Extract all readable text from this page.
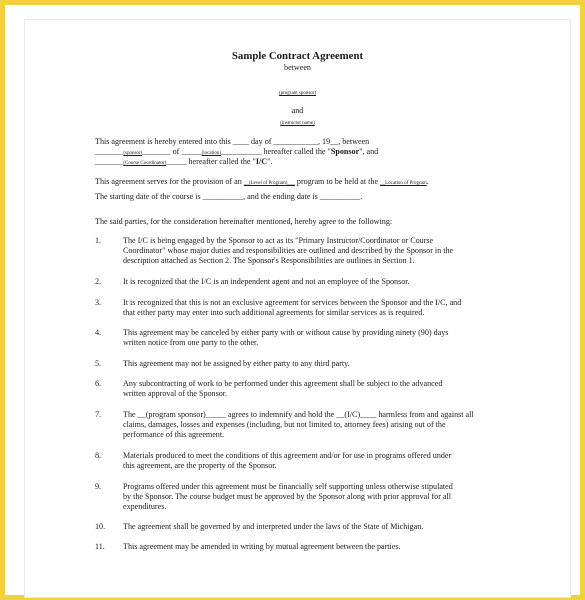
Sample Contract Agreement
between
(program sponsor)
and
(instructor name)
This agreement is hereby entered into this ____ day of ___________, 19__, between
_______(sponsor)_______ of _____(location)__________ hereafter called the "Sponsor", and
_______(Course Coordinator)_____ hereafter called the "I/C".
This agreement serves for the provision of an __(Level of Program)___ program to be held at the __Location of Program.
The starting date of the course is __________, and the ending date is __________.
The said parties, for the consideration hereinafter mentioned, hereby agree to the following:
1.	The I/C is being engaged by the Sponsor to act as its "Primary Instructor/Coordinator or Course
Coordinator" whose major duties and responsibilities are outlined and described by the Sponsor in the
description attached as Section 2. The Sponsor's Responsibilities are outlines in Section 1.
2.	It is recognized that the I/C is an independent agent and not an employee of the Sponsor.
3.	It is recognized that this is not an exclusive agreement for services between the Sponsor and the I/C, and
that either party may enter into such additional agreements for similar services as is required.
4.	This agreement may be canceled by either party with or without cause by providing ninety (90) days
written notice from one party to the other.
5.	This agreement may not be assigned by either party to any third party.
6.	Any subcontracting of work to be performed under this agreement shall be subject to the advanced
written approval of the Sponsor.
7.	The __(program sponsor)_____ agrees to indemnify and hold the __(I/C)____ harmless from and against all
claims, damages, losses and expenses (including, but not limited to, attorney fees) arising out of the
performance of this agreement.
8.	Materials produced to meet the conditions of this agreement and/or for use in programs offered under
this agreement, are the property of the Sponsor.
9.	Programs offered under this agreement must be financially self supporting unless otherwise stipulated
by the Sponsor. The course budget must be approved by the Sponsor along with prior approval for all
expenditures.
10. The agreement shall be governed by and interpreted under the laws of the State of Michigan.
11. This agreement may be amended in writing by mutual agreement between the parties.
